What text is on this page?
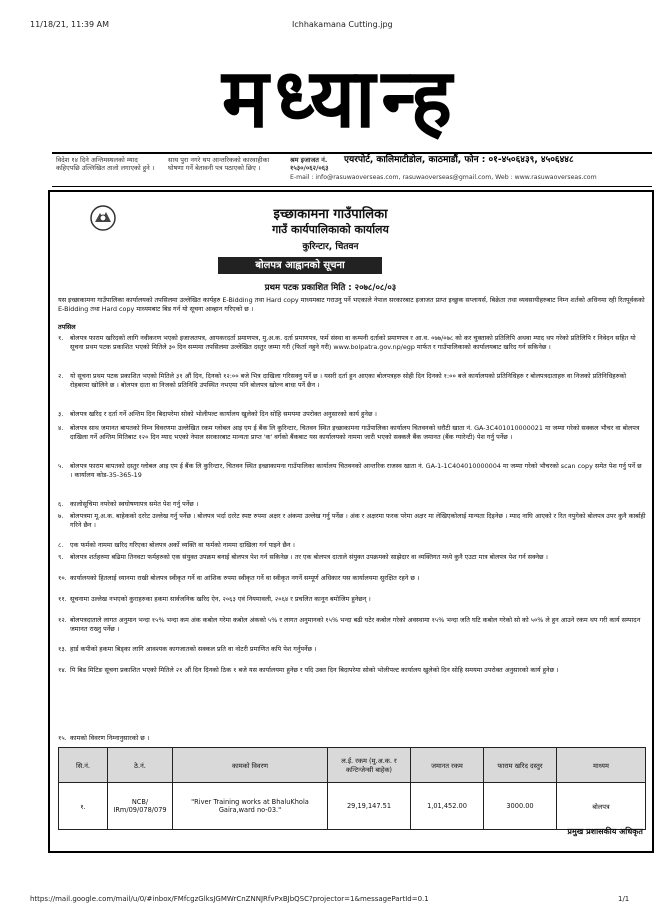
11/18/21, 11:39 AM	Ichhakamana Cutting.jpg
मध्यान्ह
विदेश १४ दिने अन्तिमस्थलको म्याद कहिएपछि उल्लिखित तालो लगाएको हुने ।
साथ पुरा नगरे थप आन्तरिकको कारवाहीका घोषणा गर्ने बेतावनी पत्र पठाएको छिए ।
श्रम इजाजत नं. १५३०/०६२/०६३
एयरपोर्ट, कालिमाटीडोल, काठमाडौं, फोन : ०१-४५०६४३९, ४५०६४४८
E-mail : info@rasuwaoverseas.com, rasuwaoverseas@gmail.com, Web : www.rasuwaoverseas.com
इच्छाकामना गाउँपालिका
गाउँ कार्यपालिकाको कार्यालय
कुरिन्टार, चितवन
बोलपत्र आह्वानको सूचना
प्रथम पटक प्रकाशित मिति : २०७८/०८/०३
यस इच्छाकामना गाउँपालिका कार्यालयको तपसिलमा उल्लेखित कार्यहरु E-Bidding तथा Hard copy माध्यमबाट गराउनु पर्ने भएकाले नेपाल सरकारबाट इजाजत प्राप्त इच्छुक सप्लायर्स, बिक्रेता तथा व्यवसायीहरुबाट निम्न शर्तको अधिनमा रही रितपूर्वकको E-Bidding तथा Hard copy माध्यमबाट बिड गर्न यो सूचना आव्हान गरिएको छ ।
तपसिल
१.	बोलपत्र फाराम खरिदको लागि नवीकरण भएको इजाजतपत्र, आयकरदर्ता प्रमाणपत्र, मु.अ.क. दर्ता प्रमाणपत्र, फर्म संस्था वा कम्पनी दर्ताको प्रमाणपत्र र आ.व. ०७७/०७८ को कर चुक्ताको प्रतिलिपि अथवा म्याद थप गरेको प्रतिलिपि र निवेदन सहित यो सूचना प्रथम पटक प्रकाशित भएको मितिले ३० दिन सम्ममा तपसिलमा उल्लेखित दस्तुर जम्मा गरी (फिर्ता नहुने गरी) www.bolpatra.gov.np/egp मार्फत र गाउँपालिकाको कार्यालयबाट खरिद गर्न सकिनेछ ।
२.	यो सूचना प्रथम पटक प्रकाशित भएको मितिले ३१ औं दिन, दिनको १२:०० बजे भित्र दाखिला गरिसक्नु पर्ने छ । यसरी दर्ता हुन आएका बोलपत्रहरु सोही दिन दिनको १:०० बजे कार्यालयको प्रतिनिधिहरु र बोलपत्रदाताहरु वा निजको प्रतिनिधिहरुको रोहबरमा खोलिने छ । बोलपत्र दाता वा निजको प्रतिनिधि उपस्थित नभएमा पनि बोलपत्र खोल्न बाधा पर्ने छैन ।
३.	बोलपत्र खरिद र दर्ता गर्ने अन्तिम दिन बिदापरेमा सोको भोलीपल्ट कार्यालय खुलेको दिन सोहि समयमा उपरोक्त अनुसारको कार्य हुनेछ ।
४.	बोलपत्र साथ जमानत बापतको निम्न विवरणमा उल्लेखित रकम ग्लोबल आइ एम ई बैंक लि कुरिन्टार, चितवन स्थित इच्छाकामना गाउँपालिका कार्यालय चितवनको धरौटी खाता नं. GA-3C401010000021 मा जम्मा गरेको सक्कल भौचर वा बोलपत्र दाखिला गर्ने अन्तिम मितिबाट १२० दिन म्याद भएको नेपाल सरकारबाट मान्यता प्राप्त 'क' वर्गको बैंकबाट यस कार्यालयको नाममा जारी भएको सक्कलै बैंक जमानत (बैंक ग्यारेन्टी) पेश गर्नु पर्नेछ ।
५.	बोलपत्र फाराम बापतको दस्तुर ग्लोबल आइ एम ई बैंक लि कुरिन्टार, चितवन स्थित इच्छाकामना गाउँपालिका कार्यालय चितवनको आन्तरिक राजस्व खाता नं. GA-1-1C404010000004 मा जम्मा गरेको भौचरको scan copy समेत पेश गर्नु पर्ने छ । कार्यालय कोड-35-365-19
६.	कालोसूचिमा नपरेको स्वघोषणापत्र समेत पेश गर्नु पर्नेछ ।
७.	बोलपत्रमा मू.अ.क. बाहेकको दररेट उल्लेख गर्नु पर्नेछ । बोलपत्र भर्दा दररेट स्पष्ट रुपमा अक्षर र अंकमा उल्लेख गर्नु पर्नेछ । अंक र अक्षरमा फरक परेमा अक्षर मा लेखिएकोलाई मान्यता दिइनेछ । म्याद नाघि आएको र रित नपुगेको बोलपत्र उपर कुनै कार्बाही गरिने छैन ।
८.	एक फर्मको नाममा खरिद गरिएका बोलपत्र अर्को व्यक्ति वा फर्मको नाममा दाखिला गर्न पाइने छैन ।
९.	बोलपत्र शर्तहरुमा बढिमा तिनवटा फर्महरुको एक संयुक्त उपक्रम बनाई बोलपत्र पेश गर्न सकिनेछ । तर एक बोलपत्र दाताले संयुक्त उपक्रमको साझेदार वा व्यक्तिगत मध्ये कुनै एउटा मात्र बोलपत्र पेश गर्न सक्नेछ ।
१०. कार्यालयको हितलाई ध्यानमा राखी बोलपत्र स्वीकृत गर्ने वा आंशिक रुपमा स्वीकृत गर्ने वा स्वीकृत नगर्ने सम्पूर्ण अधिकार यस कार्यालयमा सुरक्षित रहने छ ।
११. सूचनामा उल्लेख नभएको कुराहरुका हकमा सार्वजनिक खरिद ऐन, २०६३ एवं नियमावली, २०६४ र प्रचलित कानून बमोजिम हुनेछन् ।
१२. बोलपत्रदाताले लागत अनुमान भन्दा १५% भन्दा कम अंक कबोल गरेमा कबोल अंकको ५% र लागत अनुमानको १५% भन्दा बढी घटेर कबोल गरेको अवस्थामा १५% भन्दा जति घटि कबोल गरेको सो को ५०% ले हुन आउने रकम थप गरी कार्य सम्पादन जमानत राख्नु पर्नेछ ।
१३. हार्ड कपीको हकमा बिड्का लागि आवश्यक कागजातको सक्कल प्रति वा नोटरी प्रमाणित कपि पेश गर्नुपर्नेछ ।
१४. पि बिड मिटिङ सूचना प्रकाशित भएको मितिले २१ औं दिन दिनको ठिक १ बजे यस कार्यालयमा हुनेछ र यदि उक्त दिन बिदापरेमा सोको भोलीपल्ट कार्यालय खुलेको दिन सोहि समयमा उपरोक्त अनुसारको कार्य हुनेछ ।
१५. कामको विवरण निम्नानुसारको छ ।
सि.नं.	ठे.नं.	कामको विवरण	ल.ई. रकम (मु.अ.क. र कन्टिन्जेन्सी बाहेक)	जमानत रकम	फाराम खरिद दस्तुर	माध्यम
१.	NCB/ IRm/09/078/079	"River Training works at BhaluKhola Gaira,ward no-03."	29,19,147.51	1,01,452.00	3000.00	बोलपत्र
प्रमुख प्रशासकीय अधिकृत
https://mail.google.com/mail/u/0/#inbox/FMfcgzGlksJGMWrCnZNNJRfvPxBJbQSC?projector=1&messagePartId=0.1	1/1
